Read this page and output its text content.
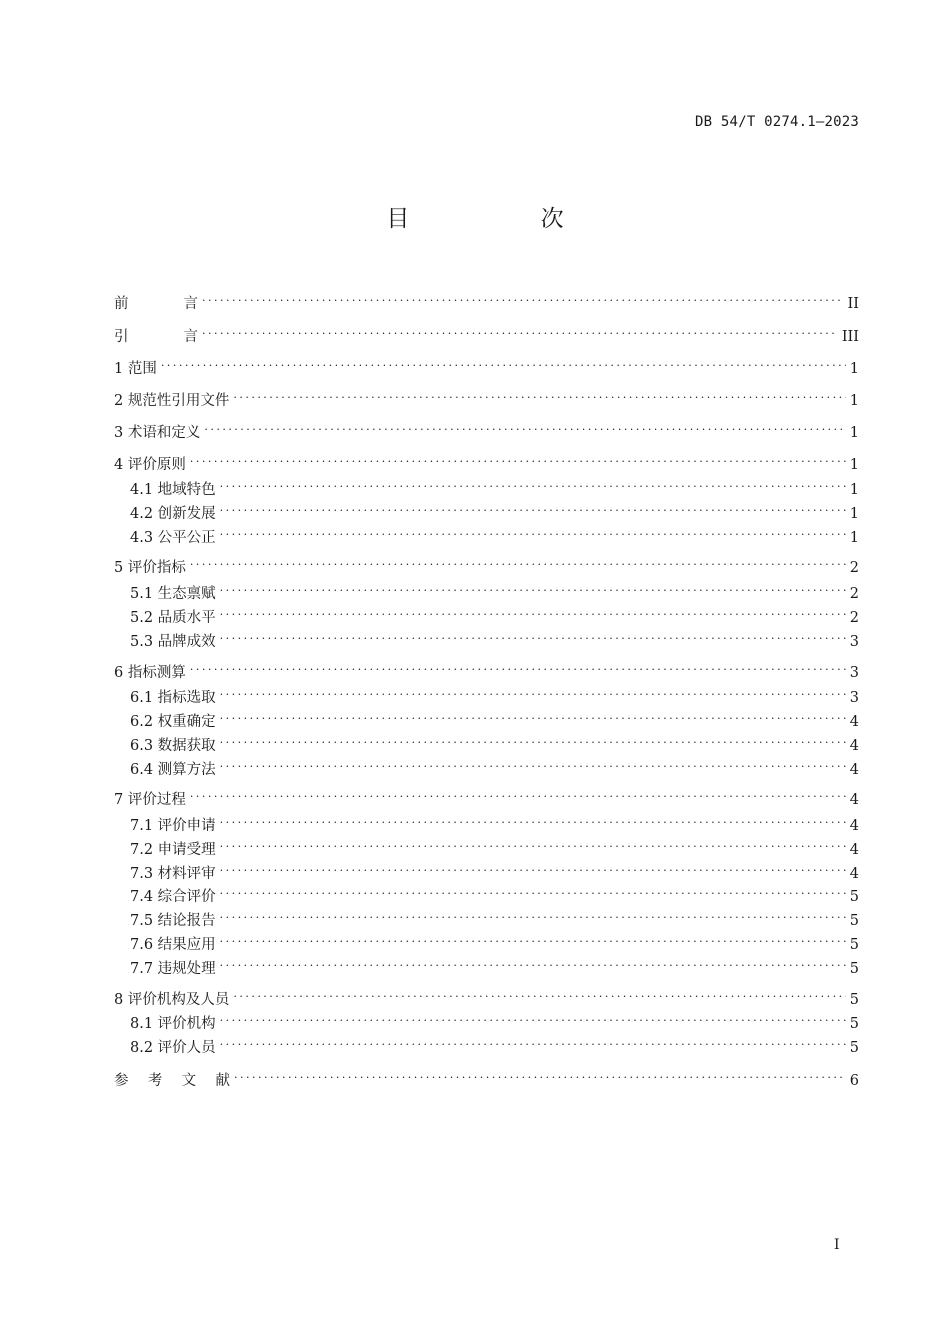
DB 54/T 0274.1—2023
目 次
前	言 . . .	II
引	言 . . .	III
1 范围 . . .	1
2 规范性引用文件 . . .	1
3 术语和定义 . . .	1
4 评价原则 . . .	1
4.1 地域特色 . . .	1
4.2 创新发展 . . .	1
4.3 公平公正 . . .	1
5 评价指标 . . .	2
5.1 生态禀赋 . . .	2
5.2 品质水平 . . .	2
5.3 品牌成效 . . .	3
6 指标测算 . . .	3
6.1 指标选取 . . .	3
6.2 权重确定 . . .	4
6.3 数据获取 . . .	4
6.4 测算方法 . . .	4
7 评价过程 . . .	4
7.1 评价申请 . . .	4
7.2 申请受理 . . .	4
7.3 材料评审 . . .	4
7.4 综合评价 . . .	5
7.5 结论报告 . . .	5
7.6 结果应用 . . .	5
7.7 违规处理 . . .	5
8 评价机构及人员 . . .	5
8.1 评价机构 . . .	5
8.2 评价人员 . . .	5
参 考 文 献 . . .	6
I
